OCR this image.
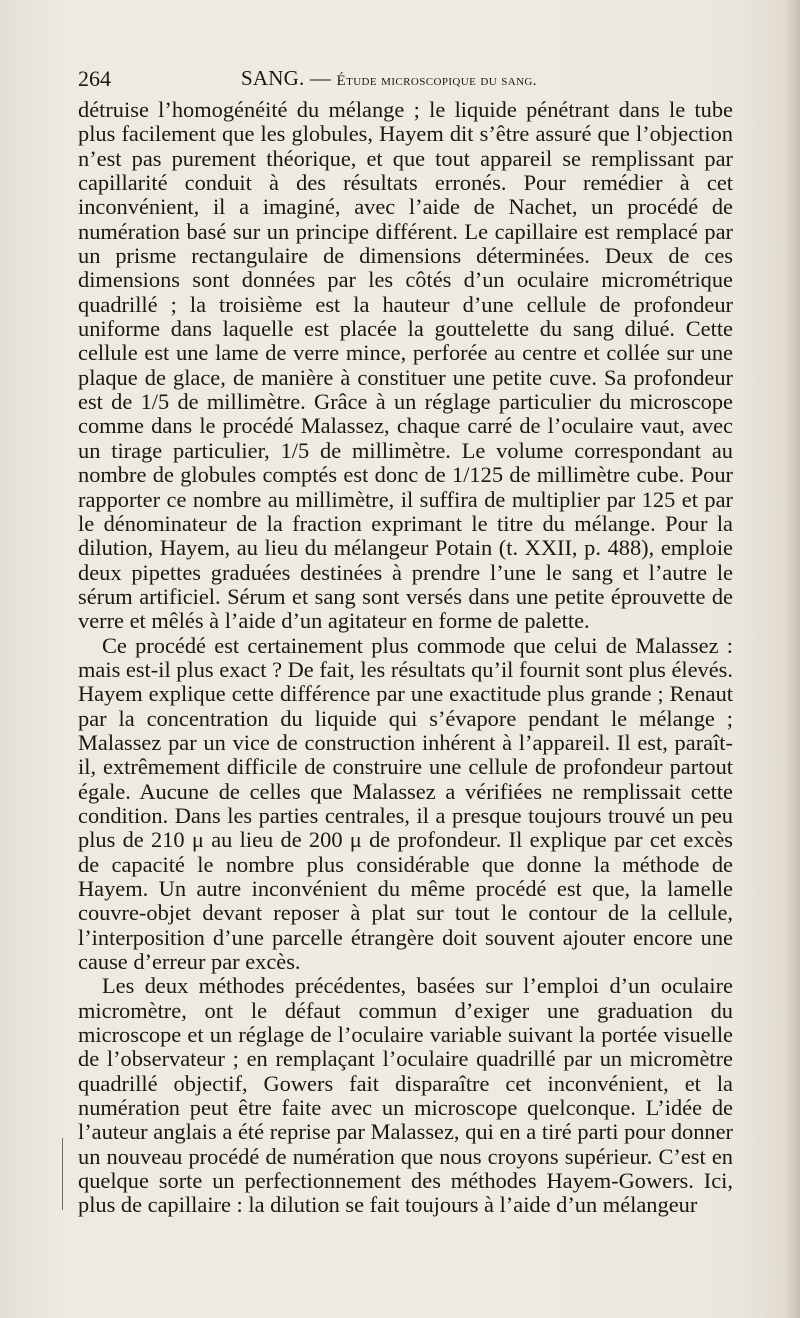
264	SANG. — Étude microscopique du sang.

détruise l’homogénéité du mélange ; le liquide pénétrant dans le tube plus facilement que les globules, Hayem dit s’être assuré que l’objection n’est pas purement théorique, et que tout appareil se remplissant par capillarité conduit à des résultats erronés. Pour remédier à cet inconvénient, il a imaginé, avec l’aide de Nachet, un procédé de numération basé sur un principe différent. Le capillaire est remplacé par un prisme rectangulaire de dimensions déterminées. Deux de ces dimensions sont données par les côtés d’un oculaire micrométrique quadrillé ; la troisième est la hauteur d’une cellule de profondeur uniforme dans laquelle est placée la gouttelette du sang dilué. Cette cellule est une lame de verre mince, perforée au centre et collée sur une plaque de glace, de manière à constituer une petite cuve. Sa profondeur est de 1/5 de millimètre. Grâce à un réglage particulier du microscope comme dans le procédé Malassez, chaque carré de l’oculaire vaut, avec un tirage particulier, 1/5 de millimètre. Le volume correspondant au nombre de globules comptés est donc de 1/125 de millimètre cube. Pour rapporter ce nombre au millimètre, il suffira de multiplier par 125 et par le dénominateur de la fraction exprimant le titre du mélange. Pour la dilution, Hayem, au lieu du mélangeur Potain (t. XXII, p. 488), emploie deux pipettes graduées destinées à prendre l’une le sang et l’autre le sérum artificiel. Sérum et sang sont versés dans une petite éprouvette de verre et mêlés à l’aide d’un agitateur en forme de palette.

Ce procédé est certainement plus commode que celui de Malassez : mais est-il plus exact ? De fait, les résultats qu’il fournit sont plus élevés. Hayem explique cette différence par une exactitude plus grande ; Renaut par la concentration du liquide qui s’évapore pendant le mélange ; Malassez par un vice de construction inhérent à l’appareil. Il est, paraît-il, extrêmement difficile de construire une cellule de profondeur partout égale. Aucune de celles que Malassez a vérifiées ne remplissait cette condition. Dans les parties centrales, il a presque toujours trouvé un peu plus de 210 μ au lieu de 200 μ de profondeur. Il explique par cet excès de capacité le nombre plus considérable que donne la méthode de Hayem. Un autre inconvénient du même procédé est que, la lamelle couvre-objet devant reposer à plat sur tout le contour de la cellule, l’interposition d’une parcelle étrangère doit souvent ajouter encore une cause d’erreur par excès.

Les deux méthodes précédentes, basées sur l’emploi d’un oculaire micromètre, ont le défaut commun d’exiger une graduation du microscope et un réglage de l’oculaire variable suivant la portée visuelle de l’observateur ; en remplaçant l’oculaire quadrillé par un micromètre quadrillé objectif, Gowers fait disparaître cet inconvénient, et la numération peut être faite avec un microscope quelconque. L’idée de l’auteur anglais a été reprise par Malassez, qui en a tiré parti pour donner un nouveau procédé de numération que nous croyons supérieur. C’est en quelque sorte un perfectionnement des méthodes Hayem-Gowers. Ici, plus de capillaire : la dilution se fait toujours à l’aide d’un mélangeur
